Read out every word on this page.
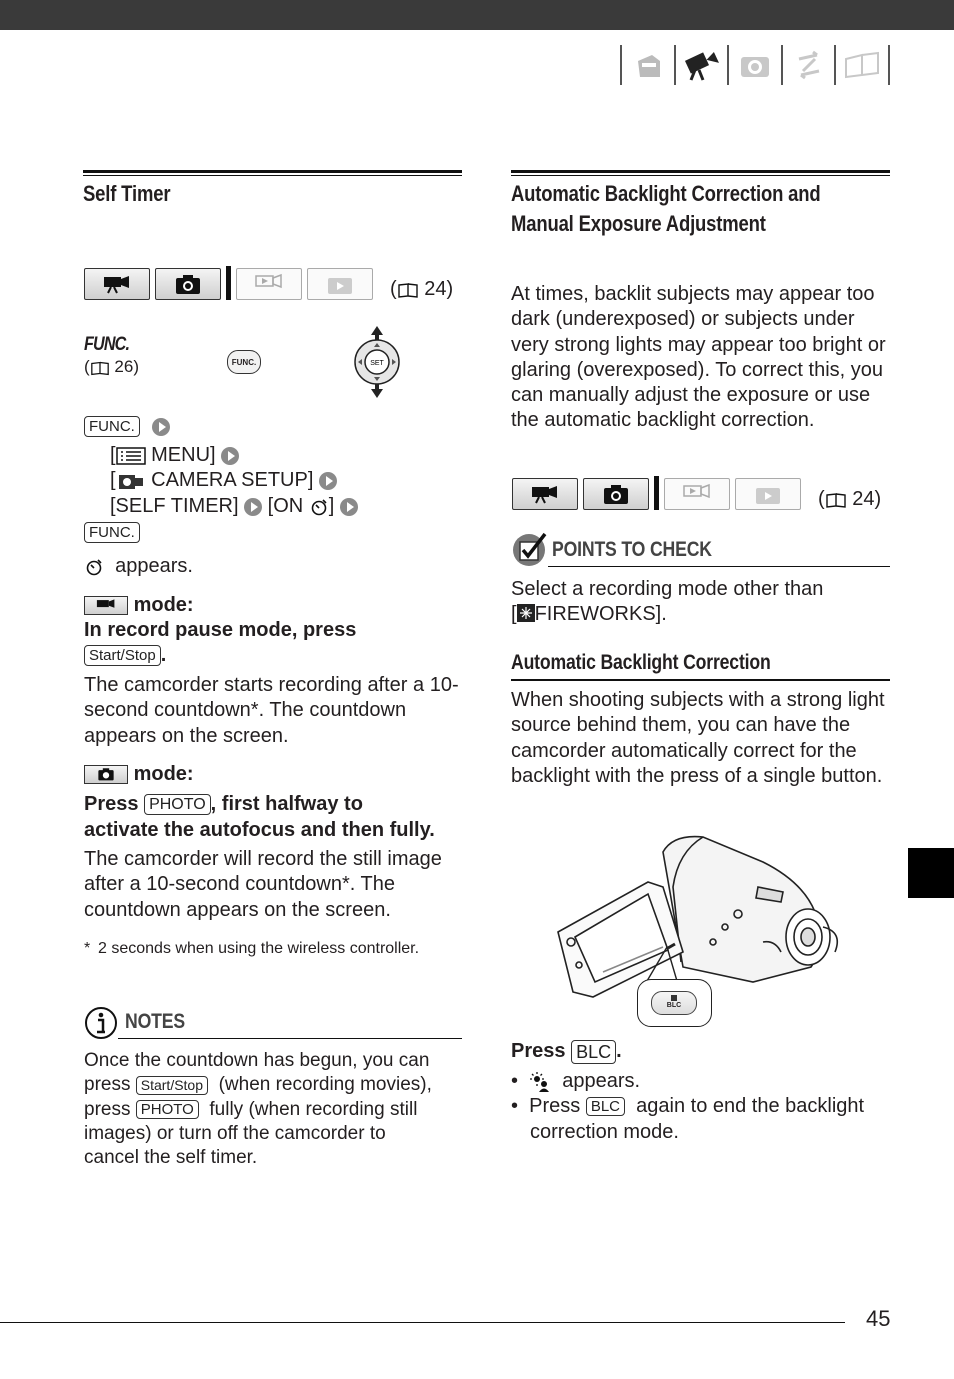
Self Timer
( 24)
FUNC.
( 26)	FUNC.	SET
FUNC.
[ MENU]
[ CAMERA SETUP]
[SELF TIMER] [ON ]
FUNC.
appears.
mode:
In record pause mode, press
Start/Stop .
The camcorder starts recording after a 10-second countdown*. The countdown appears on the screen.
mode:
Press PHOTO , first halfway to
activate the autofocus and then fully.
The camcorder will record the still image after a 10-second countdown*. The countdown appears on the screen.
* 2 seconds when using the wireless controller.
NOTES
Once the countdown has begun, you can
press Start/Stop (when recording movies),
press PHOTO fully (when recording still
images) or turn off the camcorder to
cancel the self timer.
Automatic Backlight Correction and
Manual Exposure Adjustment
At times, backlit subjects may appear too dark (underexposed) or subjects under very strong lights may appear too bright or glaring (overexposed). To correct this, you can manually adjust the exposure or use the automatic backlight correction.
( 24)
POINTS TO CHECK
Select a recording mode other than
[ FIREWORKS].
Automatic Backlight Correction
When shooting subjects with a strong light source behind them, you can have the camcorder automatically correct for the backlight with the press of a single button.
BLC
Press BLC .
• appears.
• Press BLC again to end the backlight
correction mode.
45
